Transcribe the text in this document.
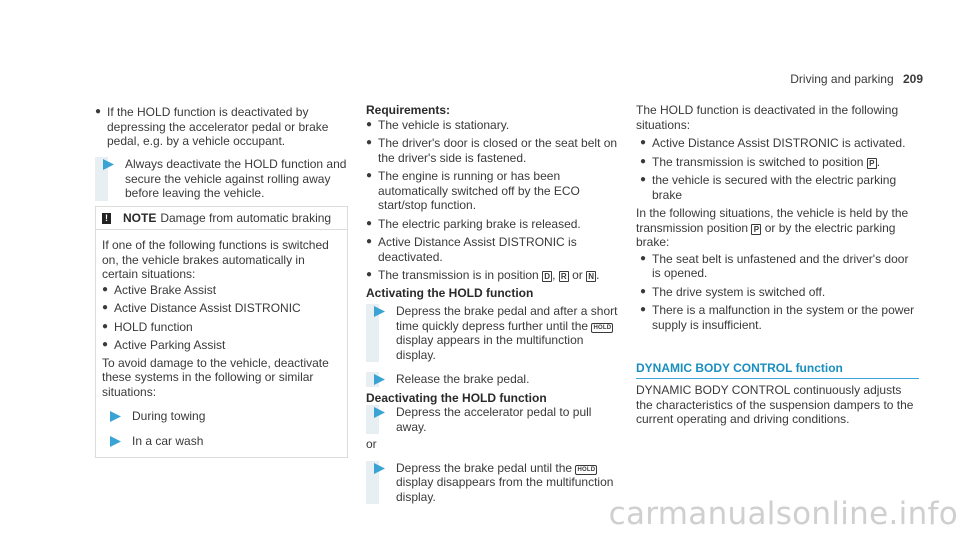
Driving and parking 209
● If the HOLD function is deactivated by depressing the accelerator pedal or brake pedal, e.g. by a vehicle occupant.
Always deactivate the HOLD function and secure the vehicle against rolling away before leaving the vehicle.
! NOTE Damage from automatic braking
If one of the following functions is switched on, the vehicle brakes automatically in certain situations:
● Active Brake Assist
● Active Distance Assist DISTRONIC
● HOLD function
● Active Parking Assist
To avoid damage to the vehicle, deactivate these systems in the following or similar situations:
During towing
In a car wash
Requirements:
● The vehicle is stationary.
● The driver's door is closed or the seat belt on the driver's side is fastened.
● The engine is running or has been automatically switched off by the ECO start/stop function.
● The electric parking brake is released.
● Active Distance Assist DISTRONIC is deactivated.
● The transmission is in position D , R or N .
Activating the HOLD function
Depress the brake pedal and after a short time quickly depress further until the HOLD display appears in the multifunction display.
Release the brake pedal.
Deactivating the HOLD function
Depress the accelerator pedal to pull away.
or
Depress the brake pedal until the HOLD display disappears from the multifunction display.
The HOLD function is deactivated in the following situations:
● Active Distance Assist DISTRONIC is activated.
● The transmission is switched to position P .
● the vehicle is secured with the electric parking brake
In the following situations, the vehicle is held by the transmission position P or by the electric parking brake:
● The seat belt is unfastened and the driver's door is opened.
● The drive system is switched off.
● There is a malfunction in the system or the power supply is insufficient.
DYNAMIC BODY CONTROL function
DYNAMIC BODY CONTROL continuously adjusts the characteristics of the suspension dampers to the current operating and driving conditions.
carmanualsonline.info
